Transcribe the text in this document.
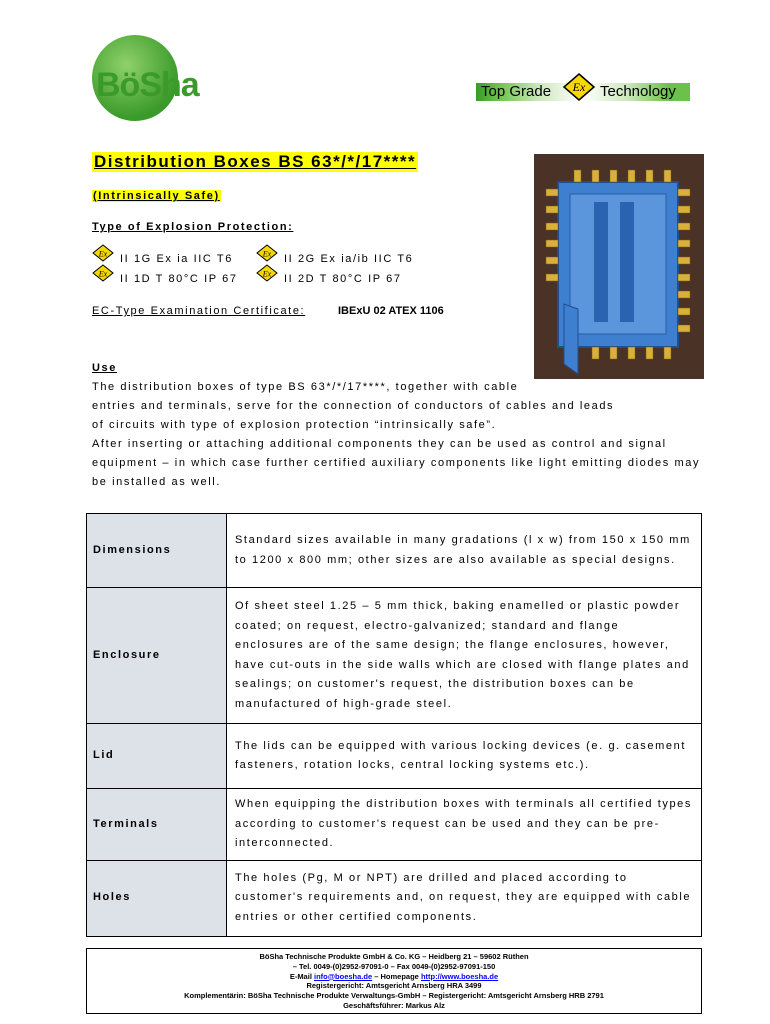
BöSha	Top Grade Ex Technology
Distribution Boxes BS 63*/*/17****
(Intrinsically Safe)
Type of Explosion Protection:
Ex II 1G Ex ia IIC T6	Ex II 2G Ex ia/ib IIC T6
Ex II 1D T 80°C IP 67	Ex II 2D T 80°C IP 67
EC-Type Examination Certificate:	IBExU 02 ATEX 1106
Use
The distribution boxes of type BS 63*/*/17****, together with cable
entries and terminals, serve for the connection of conductors of cables and leads
of circuits with type of explosion protection “intrinsically safe”.
After inserting or attaching additional components they can be used as control and signal
equipment – in which case further certified auxiliary components like light emitting diodes may
be installed as well.
Dimensions	Standard sizes available in many gradations (l x w) from 150 x 150 mm to 1200 x 800 mm; other sizes are also available as special designs.
Enclosure	Of sheet steel 1.25 – 5 mm thick, baking enamelled or plastic powder coated; on request, electro-galvanized; standard and flange enclosures are of the same design; the flange enclosures, however, have cut-outs in the side walls which are closed with flange plates and sealings; on customer's request, the distribution boxes can be manufactured of high-grade steel.
Lid	The lids can be equipped with various locking devices (e. g. casement fasteners, rotation locks, central locking systems etc.).
Terminals	When equipping the distribution boxes with terminals all certified types according to customer's request can be used and they can be pre-interconnected.
Holes	The holes (Pg, M or NPT) are drilled and placed according to customer's requirements and, on request, they are equipped with cable entries or other certified components.
BöSha Technische Produkte GmbH & Co. KG – Heidberg 21 – 59602 Rüthen
– Tel. 0049-(0)2952-97091-0 – Fax 0049-(0)2952-97091-150
E-Mail info@boesha.de – Homepage http://www.boesha.de
Registergericht: Amtsgericht Arnsberg HRA 3499
Komplementärin: BöSha Technische Produkte Verwaltungs-GmbH – Registergericht: Amtsgericht Arnsberg HRB 2791
Geschäftsführer: Markus Alz
